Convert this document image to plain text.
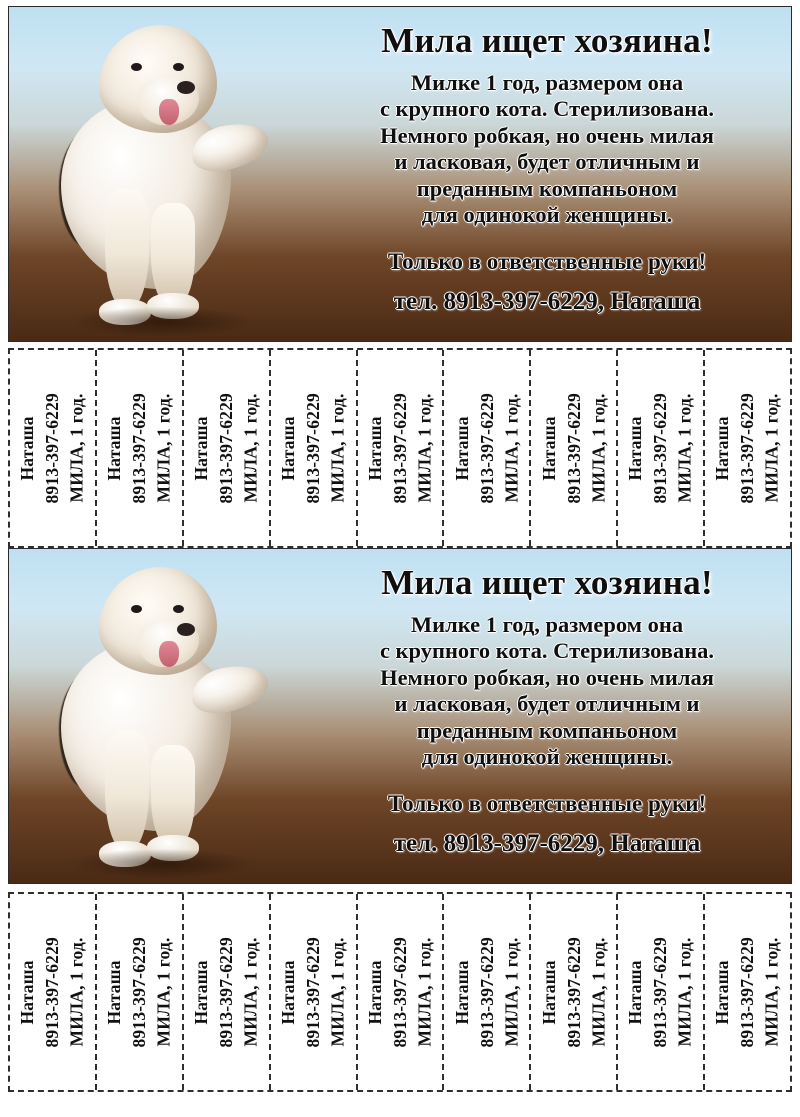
Мила ищет хозяина!
Милке 1 год, размером она
с крупного кота. Стерилизована.
Немного робкая, но очень милая
и ласковая, будет отличным и
преданным компаньоном
для одинокой женщины.
Только в ответственные руки!
тел. 8913-397-6229, Наташа
Наташа 8913-397-6229 МИЛА, 1 год. Наташа 8913-397-6229 МИЛА, 1 год. Наташа 8913-397-6229 МИЛА, 1 год. Наташа 8913-397-6229 МИЛА, 1 год. Наташа 8913-397-6229 МИЛА, 1 год. Наташа 8913-397-6229 МИЛА, 1 год. Наташа 8913-397-6229 МИЛА, 1 год. Наташа 8913-397-6229 МИЛА, 1 год. Наташа 8913-397-6229 МИЛА, 1 год.
Мила ищет хозяина!
Милке 1 год, размером она
с крупного кота. Стерилизована.
Немного робкая, но очень милая
и ласковая, будет отличным и
преданным компаньоном
для одинокой женщины.
Только в ответственные руки!
тел. 8913-397-6229, Наташа
Наташа 8913-397-6229 МИЛА, 1 год. Наташа 8913-397-6229 МИЛА, 1 год. Наташа 8913-397-6229 МИЛА, 1 год. Наташа 8913-397-6229 МИЛА, 1 год. Наташа 8913-397-6229 МИЛА, 1 год. Наташа 8913-397-6229 МИЛА, 1 год. Наташа 8913-397-6229 МИЛА, 1 год. Наташа 8913-397-6229 МИЛА, 1 год. Наташа 8913-397-6229 МИЛА, 1 год.
